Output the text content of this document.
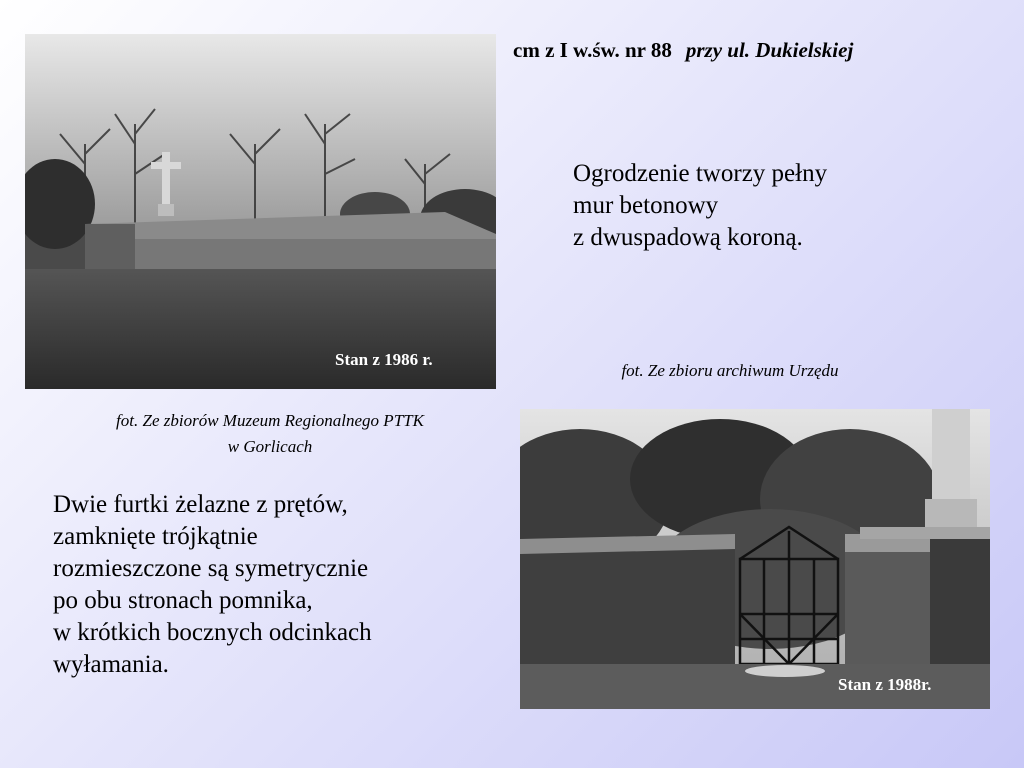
cm z I w.św. nr 88 przy ul. Dukielskiej
Stan z 1986 r.
fot. Ze zbiorów Muzeum Regionalnego PTTK
w Gorlicach
Ogrodzenie tworzy pełny
mur betonowy
z dwuspadową koroną.
fot. Ze zbioru archiwum Urzędu
Stan z 1988r.
Dwie furtki żelazne z prętów,
zamknięte trójkątnie
rozmieszczone są symetrycznie
po obu stronach pomnika,
w krótkich bocznych odcinkach
wyłamania.
